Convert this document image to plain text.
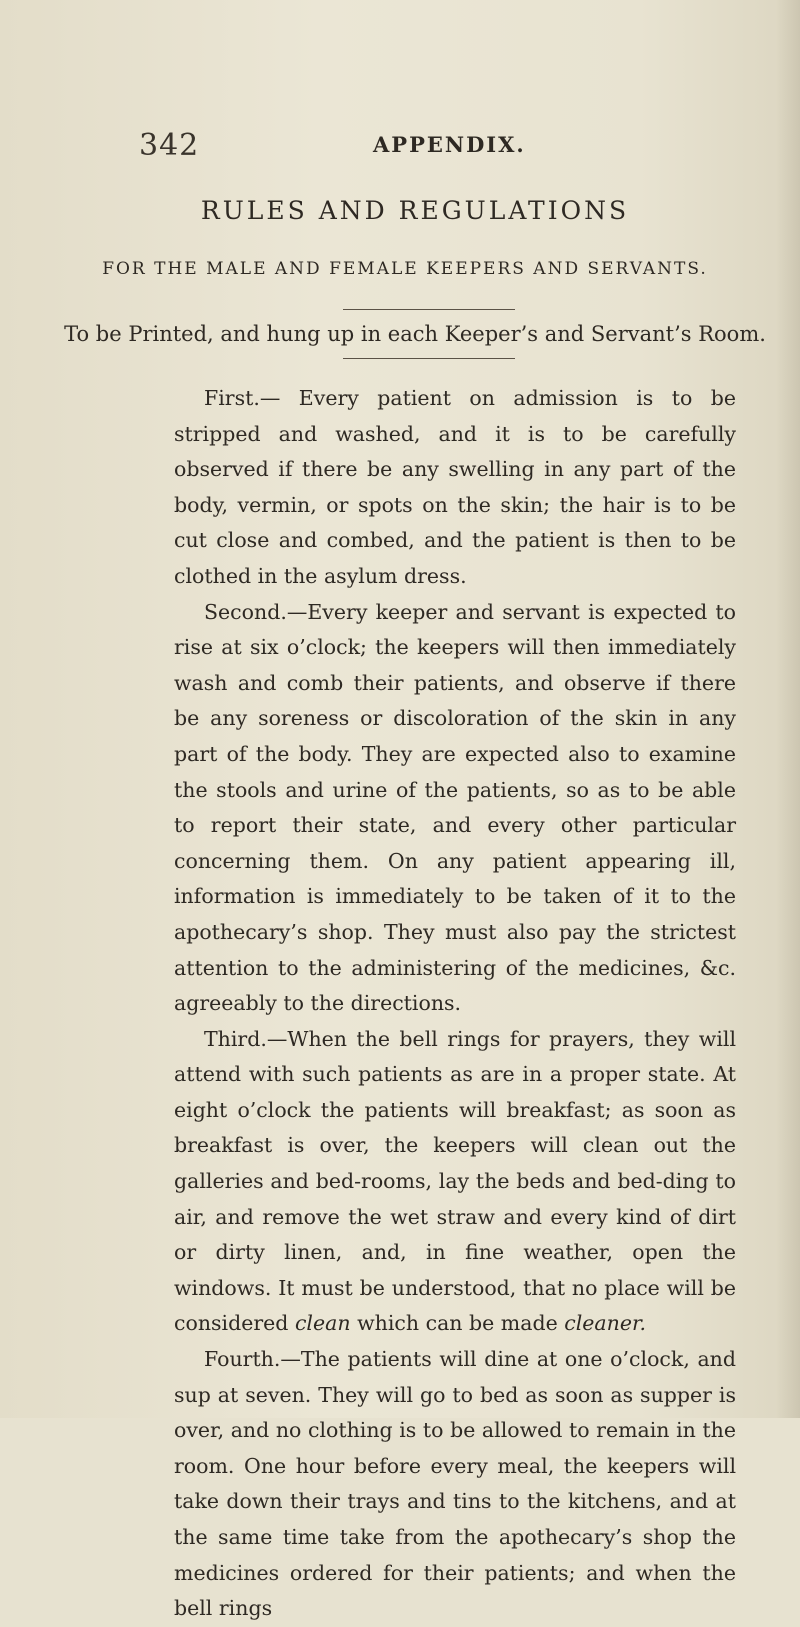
342	APPENDIX.
RULES AND REGULATIONS
FOR THE MALE AND FEMALE KEEPERS AND SERVANTS.
To be Printed, and hung up in each Keeper’s and Servant’s Room.

First.— Every patient on admission is to be stripped and washed, and it is to be carefully observed if there be any swelling in any part of the body, vermin, or spots on the skin; the hair is to be cut close and combed, and the patient is then to be clothed in the asylum dress.

Second.—Every keeper and servant is expected to rise at six o’clock; the keepers will then immediately wash and comb their patients, and observe if there be any soreness or discoloration of the skin in any part of the body. They are expected also to examine the stools and urine of the patients, so as to be able to report their state, and every other particular concerning them. On any patient appearing ill, information is immediately to be taken of it to the apothecary’s shop. They must also pay the strictest attention to the administering of the medicines, &c. agreeably to the directions.

Third.—When the bell rings for prayers, they will attend with such patients as are in a proper state. At eight o’clock the patients will breakfast; as soon as breakfast is over, the keepers will clean out the galleries and bed-rooms, lay the beds and bed-ding to air, and remove the wet straw and every kind of dirt or dirty linen, and, in fine weather, open the windows. It must be understood, that no place will be considered clean which can be made cleaner.

Fourth.—The patients will dine at one o’clock, and sup at seven. They will go to bed as soon as supper is over, and no clothing is to be allowed to remain in the room. One hour before every meal, the keepers will take down their trays and tins to the kitchens, and at the same time take from the apothecary’s shop the medicines ordered for their patients; and when the bell rings
